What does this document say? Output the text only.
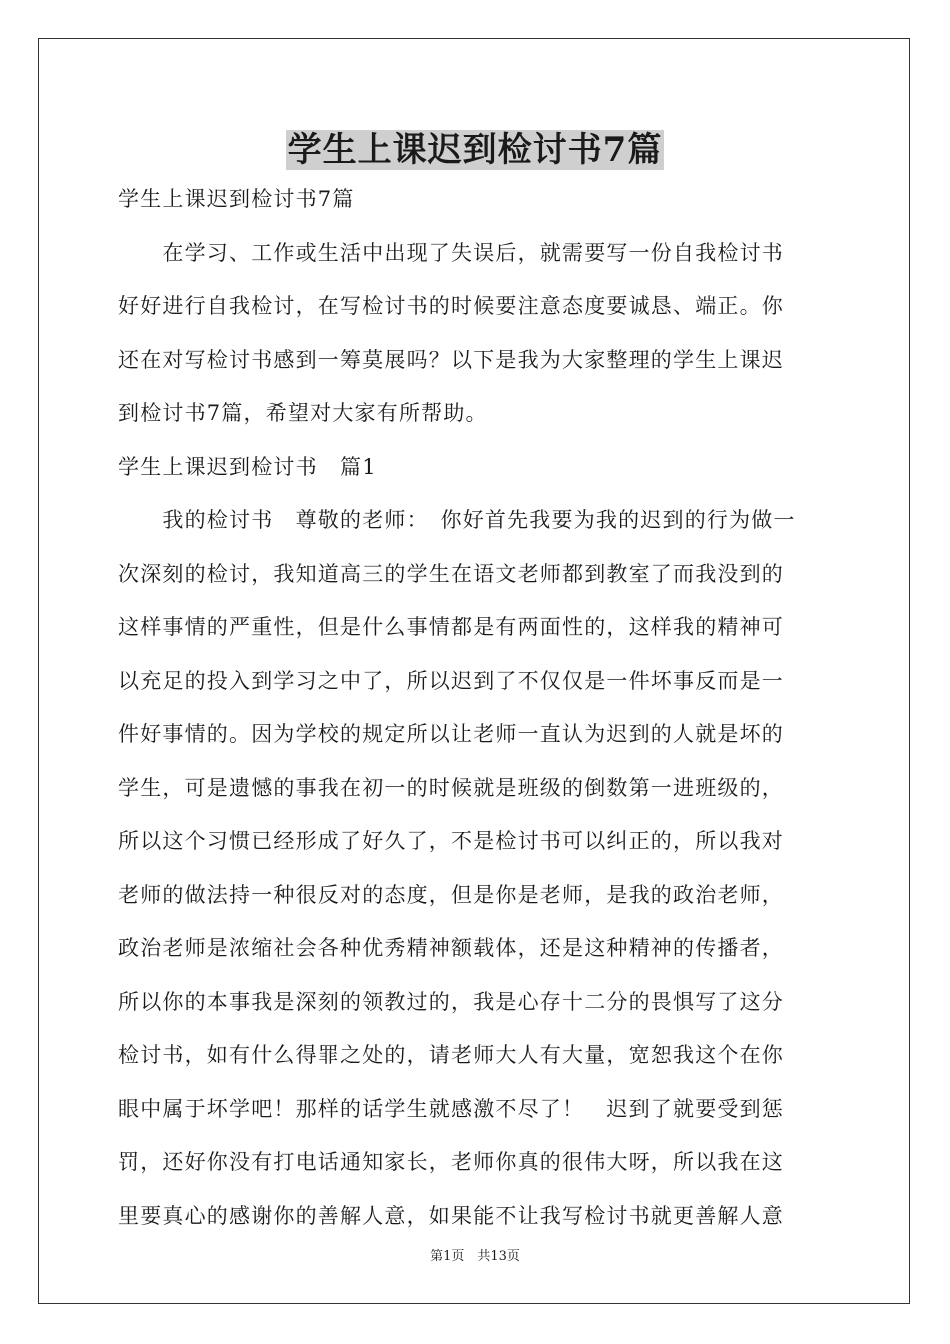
学生上课迟到检讨书7篇

学生上课迟到检讨书7篇

　　在学习、工作或生活中出现了失误后，就需要写一份自我检讨书

好好进行自我检讨，在写检讨书的时候要注意态度要诚恳、端正。你

还在对写检讨书感到一筹莫展吗？以下是我为大家整理的学生上课迟

到检讨书7篇，希望对大家有所帮助。

学生上课迟到检讨书　篇1

　　我的检讨书　尊敬的老师：　你好首先我要为我的迟到的行为做一

次深刻的检讨，我知道高三的学生在语文老师都到教室了而我没到的

这样事情的严重性，但是什么事情都是有两面性的，这样我的精神可

以充足的投入到学习之中了，所以迟到了不仅仅是一件坏事反而是一

件好事情的。因为学校的规定所以让老师一直认为迟到的人就是坏的

学生，可是遗憾的事我在初一的时候就是班级的倒数第一进班级的，

所以这个习惯已经形成了好久了，不是检讨书可以纠正的，所以我对

老师的做法持一种很反对的态度，但是你是老师，是我的政治老师，

政治老师是浓缩社会各种优秀精神额载体，还是这种精神的传播者，

所以你的本事我是深刻的领教过的，我是心存十二分的畏惧写了这分

检讨书，如有什么得罪之处的，请老师大人有大量，宽恕我这个在你

眼中属于坏学吧！那样的话学生就感激不尽了！　迟到了就要受到惩

罚，还好你没有打电话通知家长，老师你真的很伟大呀，所以我在这

里要真心的感谢你的善解人意，如果能不让我写检讨书就更善解人意

第1页　共13页
